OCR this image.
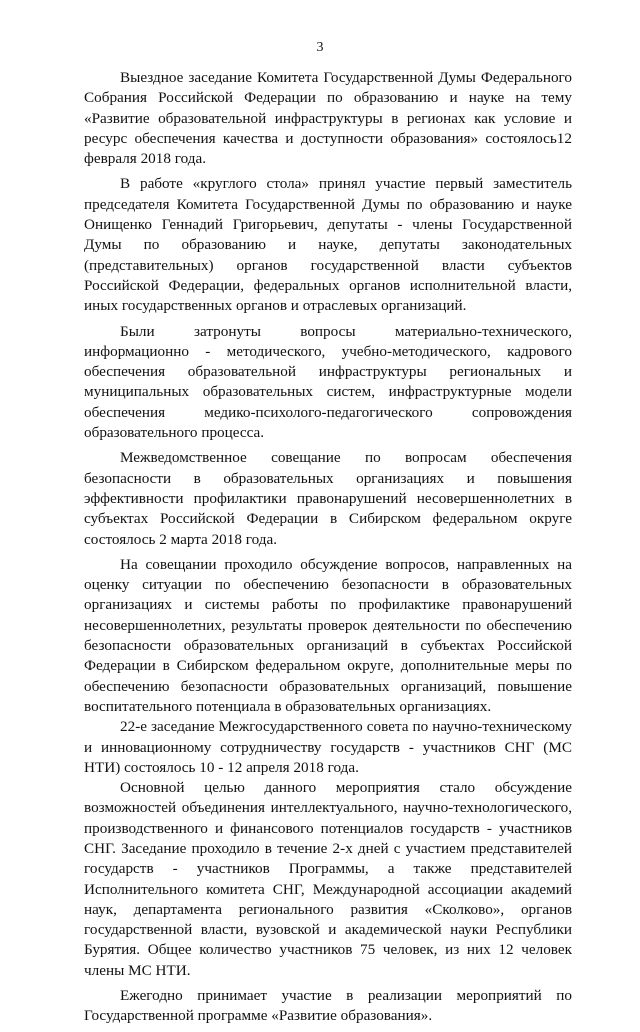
3

Выездное заседание Комитета Государственной Думы Федерального Собрания Российской Федерации по образованию и науке на тему «Развитие образовательной инфраструктуры в регионах как условие и ресурс обеспечения качества и доступности образования» состоялось12 февраля 2018 года.

В работе «круглого стола» принял участие первый заместитель председателя Комитета Государственной Думы по образованию и науке Онищенко Геннадий Григорьевич, депутаты - члены Государственной Думы по образованию и науке, депутаты законодательных (представительных) органов государственной власти субъектов Российской Федерации, федеральных органов исполнительной власти, иных государственных органов и отраслевых организаций.

Были затронуты вопросы материально-технического, информационно - методического, учебно-методического, кадрового обеспечения образовательной инфраструктуры региональных и муниципальных образовательных систем, инфраструктурные модели обеспечения медико-психолого-педагогического сопровождения образовательного процесса.

Межведомственное совещание по вопросам обеспечения безопасности в образовательных организациях и повышения эффективности профилактики правонарушений несовершеннолетних в субъектах Российской Федерации в Сибирском федеральном округе состоялось 2 марта 2018 года.

На совещании проходило обсуждение вопросов, направленных на оценку ситуации по обеспечению безопасности в образовательных организациях и системы работы по профилактике правонарушений несовершеннолетних, результаты проверок деятельности по обеспечению безопасности образовательных организаций в субъектах Российской Федерации в Сибирском федеральном округе, дополнительные меры по обеспечению безопасности образовательных организаций, повышение воспитательного потенциала в образовательных организациях.

22-е заседание Межгосударственного совета по научно-техническому и инновационному сотрудничеству государств - участников СНГ (МС НТИ) состоялось 10 - 12 апреля 2018 года.

Основной целью данного мероприятия стало обсуждение возможностей объединения интеллектуального, научно-технологического, производственного и финансового потенциалов государств - участников СНГ. Заседание проходило в течение 2-х дней с участием представителей государств - участников Программы, а также представителей Исполнительного комитета СНГ, Международной ассоциации академий наук, департамента регионального развития «Сколково», органов государственной власти, вузовской и академической науки Республики Бурятия. Общее количество участников 75 человек, из них 12 человек члены МС НТИ.

Ежегодно принимает участие в реализации мероприятий по Государственной программе «Развитие образования».
